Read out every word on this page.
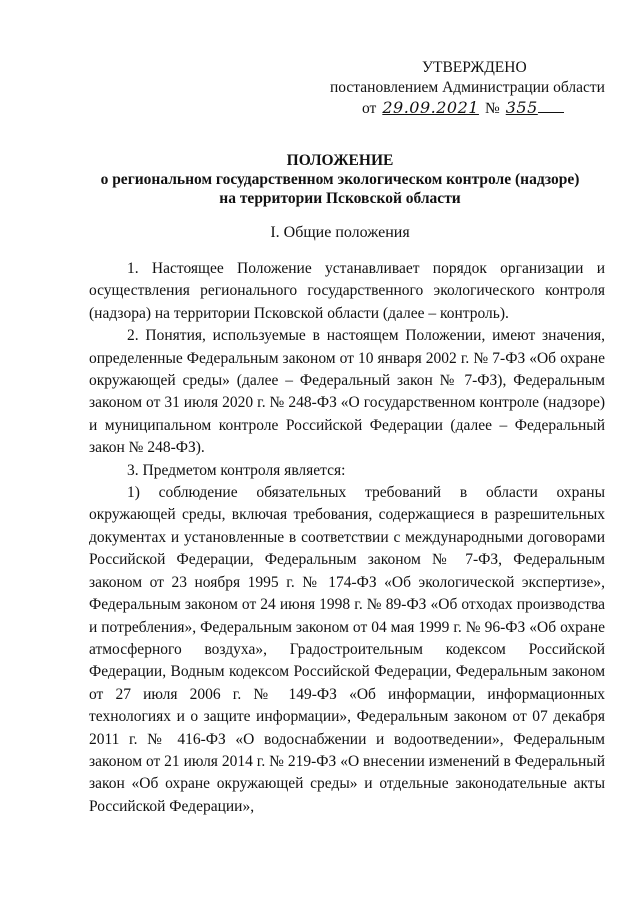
УТВЕРЖДЕНО
постановлением Администрации области
от 29.09.2021 № 355
ПОЛОЖЕНИЕ
о региональном государственном экологическом контроле (надзоре)
на территории Псковской области
I. Общие положения

1. Настоящее Положение устанавливает порядок организации и осуществления регионального государственного экологического контроля (надзора) на территории Псковской области (далее – контроль).

2. Понятия, используемые в настоящем Положении, имеют значения, определенные Федеральным законом от 10 января 2002 г. № 7-ФЗ «Об охране окружающей среды» (далее – Федеральный закон № 7-ФЗ), Федеральным законом от 31 июля 2020 г. № 248-ФЗ «О государственном контроле (надзоре) и муниципальном контроле Российской Федерации (далее – Федеральный закон № 248-ФЗ).

3. Предметом контроля является:

1) соблюдение обязательных требований в области охраны окружающей среды, включая требования, содержащиеся в разрешительных документах и установленные в соответствии с международными договорами Российской Федерации, Федеральным законом № 7-ФЗ, Федеральным законом от 23 ноября 1995 г. № 174-ФЗ «Об экологической экспертизе», Федеральным законом от 24 июня 1998 г. № 89-ФЗ «Об отходах производства и потребления», Федеральным законом от 04 мая 1999 г. № 96-ФЗ «Об охране атмосферного воздуха», Градостроительным кодексом Российской Федерации, Водным кодексом Российской Федерации, Федеральным законом от 27 июля 2006 г. № 149-ФЗ «Об информации, информационных технологиях и о защите информации», Федеральным законом от 07 декабря 2011 г. № 416-ФЗ «О водоснабжении и водоотведении», Федеральным законом от 21 июля 2014 г. № 219-ФЗ «О внесении изменений в Федеральный закон «Об охране окружающей среды» и отдельные законодательные акты Российской Федерации»,
